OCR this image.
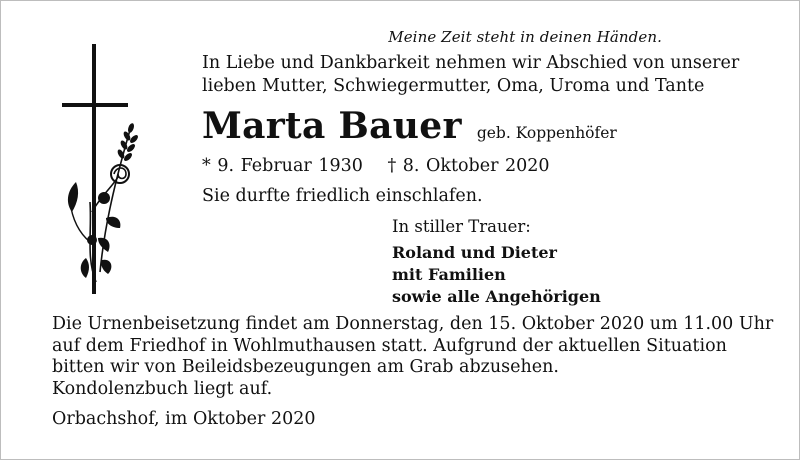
Meine Zeit steht in deinen Händen.
In Liebe und Dankbarkeit nehmen wir Abschied von unserer
lieben Mutter, Schwiegermutter, Oma, Uroma und Tante
Marta Bauer geb. Koppenhöfer
* 9. Februar 1930 † 8. Oktober 2020
Sie durfte friedlich einschlafen.
In stiller Trauer:
Roland und Dieter
mit Familien
sowie alle Angehörigen
Die Urnenbeisetzung findet am Donnerstag, den 15. Oktober 2020 um 11.00 Uhr
auf dem Friedhof in Wohlmuthausen statt. Aufgrund der aktuellen Situation
bitten wir von Beileidsbezeugungen am Grab abzusehen.
Kondolenzbuch liegt auf.
Orbachshof, im Oktober 2020
